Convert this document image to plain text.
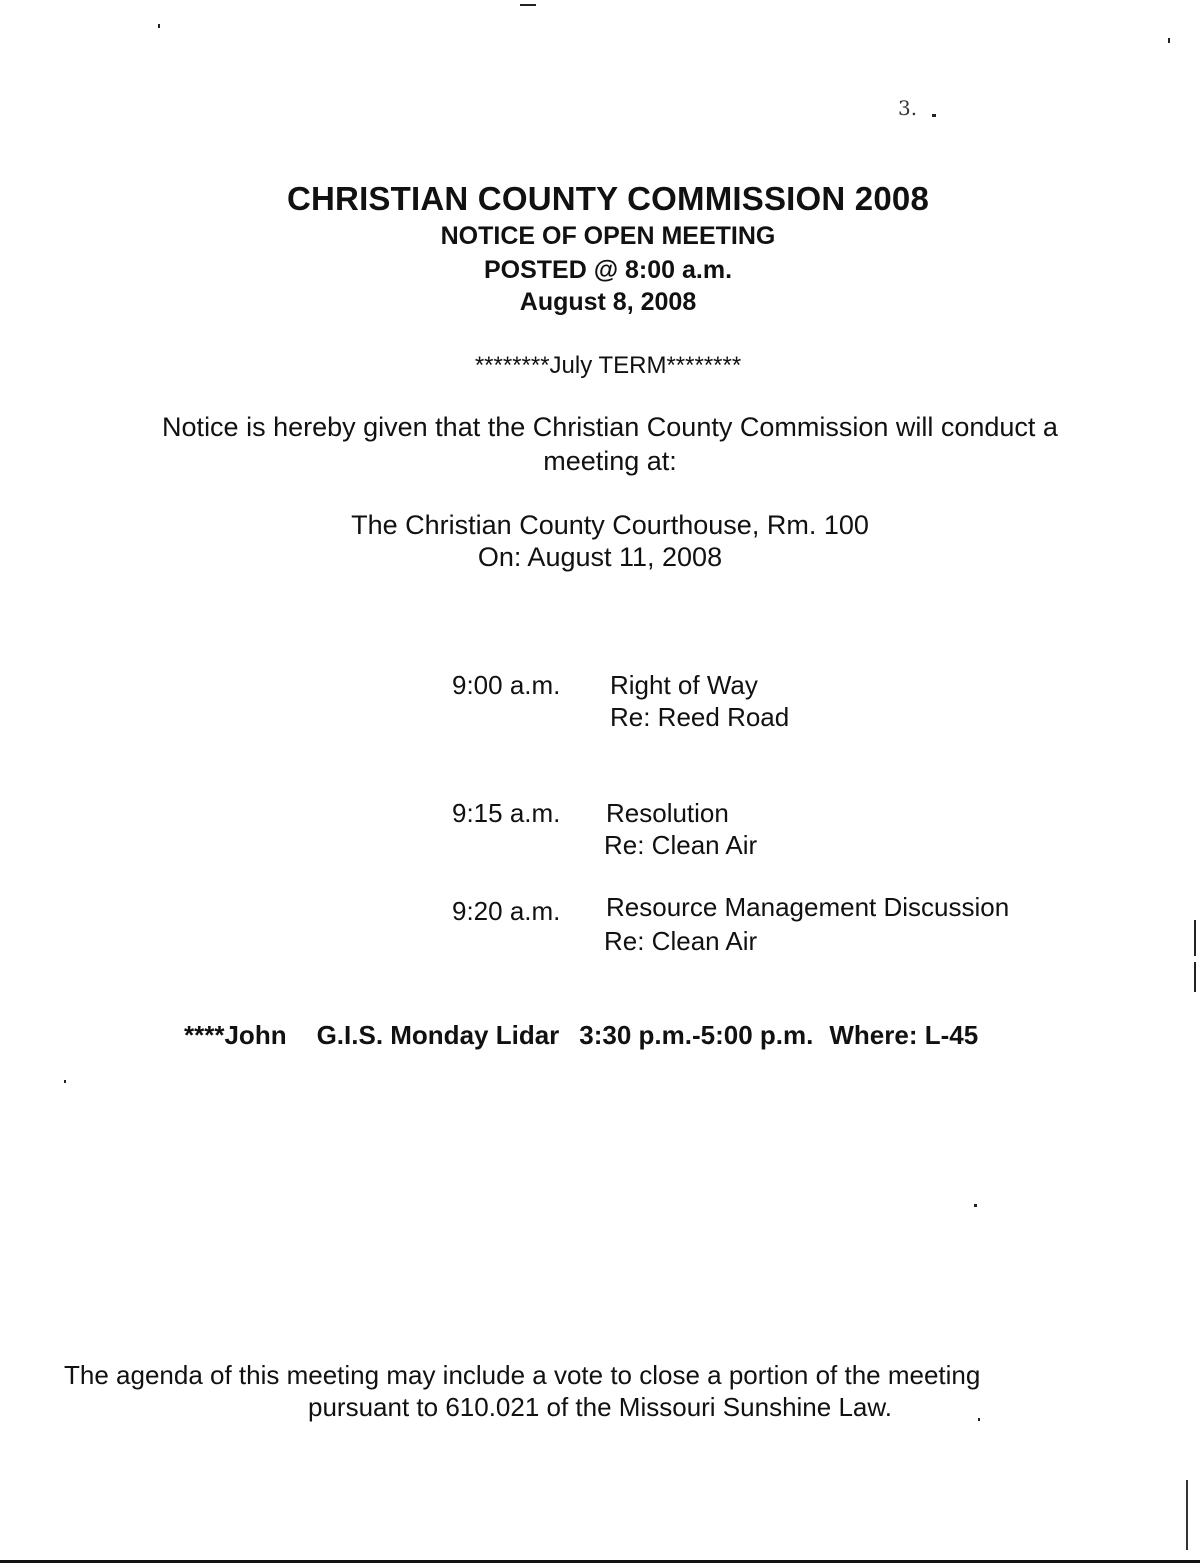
3.
CHRISTIAN COUNTY COMMISSION 2008
NOTICE OF OPEN MEETING
POSTED @ 8:00 a.m.
August 8, 2008
********July TERM********
Notice is hereby given that the Christian County Commission will conduct a
meeting at:
The Christian County Courthouse, Rm. 100
On: August 11, 2008
9:00 a.m. Right of Way
Re: Reed Road
9:15 a.m. Resolution
Re: Clean Air
9:20 a.m. Resource Management Discussion
Re: Clean Air
****John G.I.S. Monday Lidar 3:30 p.m.-5:00 p.m. Where: L-45
The agenda of this meeting may include a vote to close a portion of the meeting
pursuant to 610.021 of the Missouri Sunshine Law.
